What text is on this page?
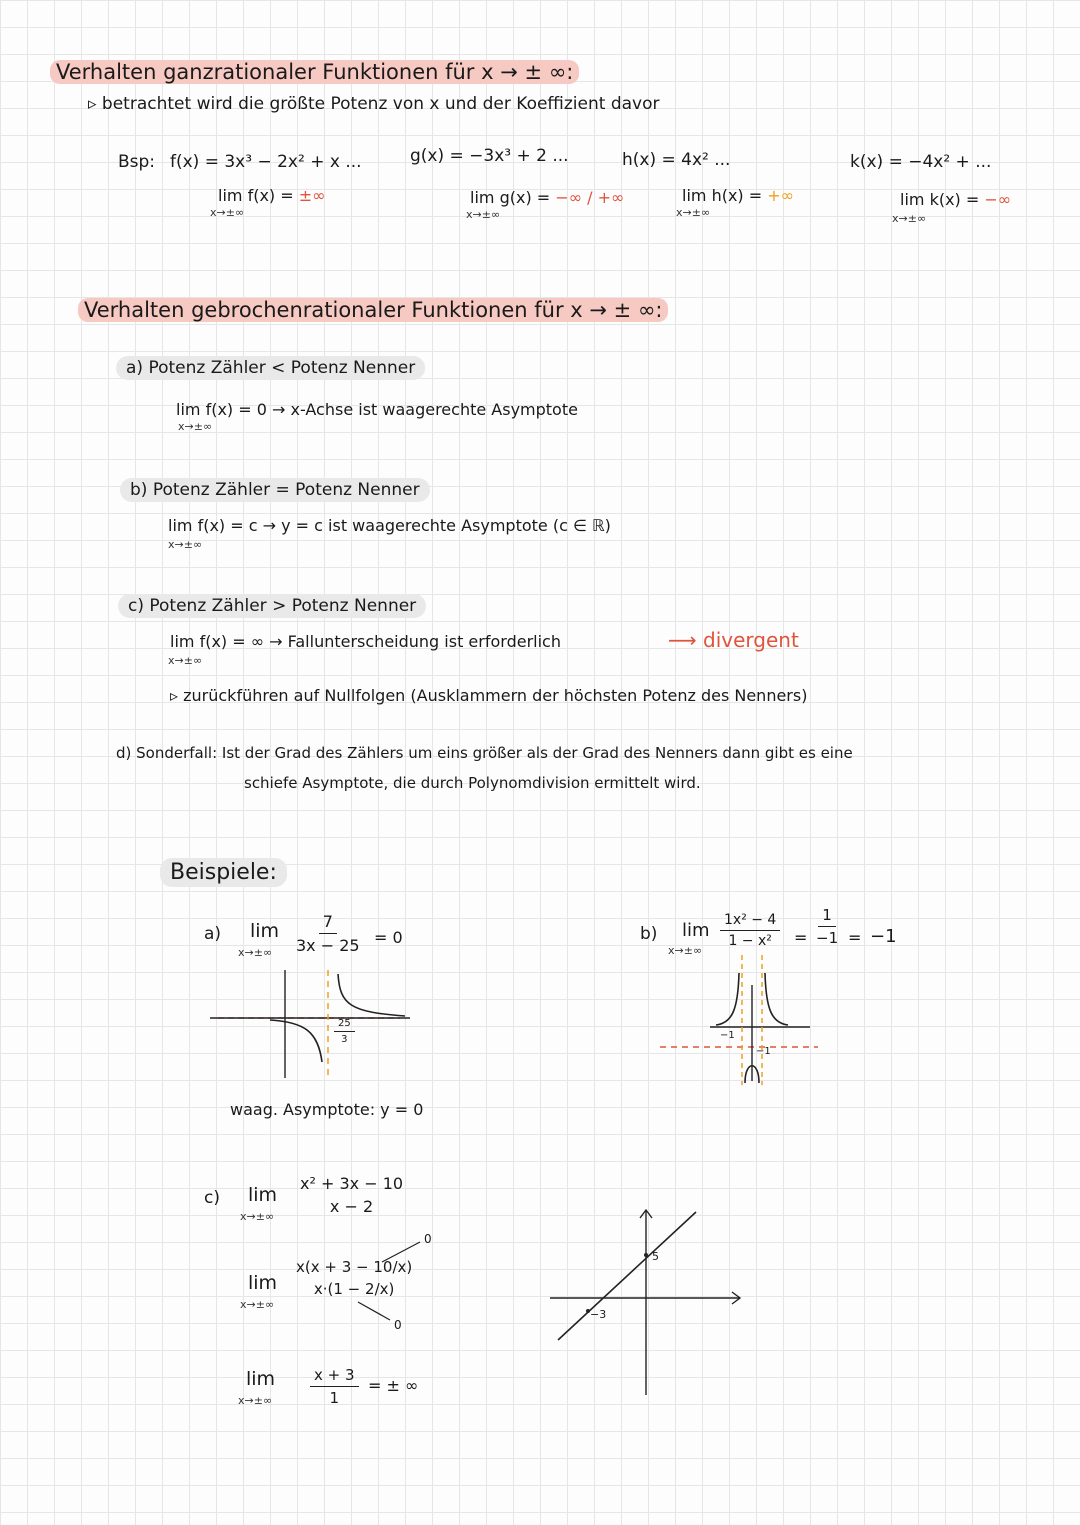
Verhalten ganzrationaler Funktionen für x → ± ∞:
▹ betrachtet wird die größte Potenz von x und der Koeffizient davor
Bsp: f(x) = 3x³ − 2x² + x ...
lim f(x) = ±∞
x→±∞
g(x) = −3x³ + 2 ...
lim g(x) = −∞ / +∞
x→±∞
h(x) = 4x² ...
lim h(x) = +∞
x→±∞
k(x) = −4x² + ...
lim k(x) = −∞
x→±∞
Verhalten gebrochenrationaler Funktionen für x → ± ∞:
a) Potenz Zähler < Potenz Nenner
lim f(x) = 0 → x-Achse ist waagerechte Asymptote
x→±∞
b) Potenz Zähler = Potenz Nenner
lim f(x) = c → y = c ist waagerechte Asymptote (c ∈ ℝ)
x→±∞
c) Potenz Zähler > Potenz Nenner
lim f(x) = ∞ → Fallunterscheidung ist erforderlich	⟶ divergent
x→±∞
▹ zurückführen auf Nullfolgen (Ausklammern der höchsten Potenz des Nenners)
d) Sonderfall: Ist der Grad des Zählers um eins größer als der Grad des Nenners dann gibt es eine
schiefe Asymptote, die durch Polynomdivision ermittelt wird.
Beispiele:
a) lim
$x\to\pm\infty \frac{7}{3x - 25} = 0$
$\frac{25}{3}$
waag. Asymptote: y = 0
b) lim
x→±∞
$\frac{\text{1x² − 4}}{\text{1 − x²}} = \frac{1}{-1} = -1$
−1
−1
c) lim
x→±∞
x² + 3x − 10
x − 2
lim
x→±∞
x(x + 3 − 10/x)
x·(1 − 2/x)
0
0
lim
x→±∞	$\frac{x + 3}{1}$ = ± ∞
5
−3
